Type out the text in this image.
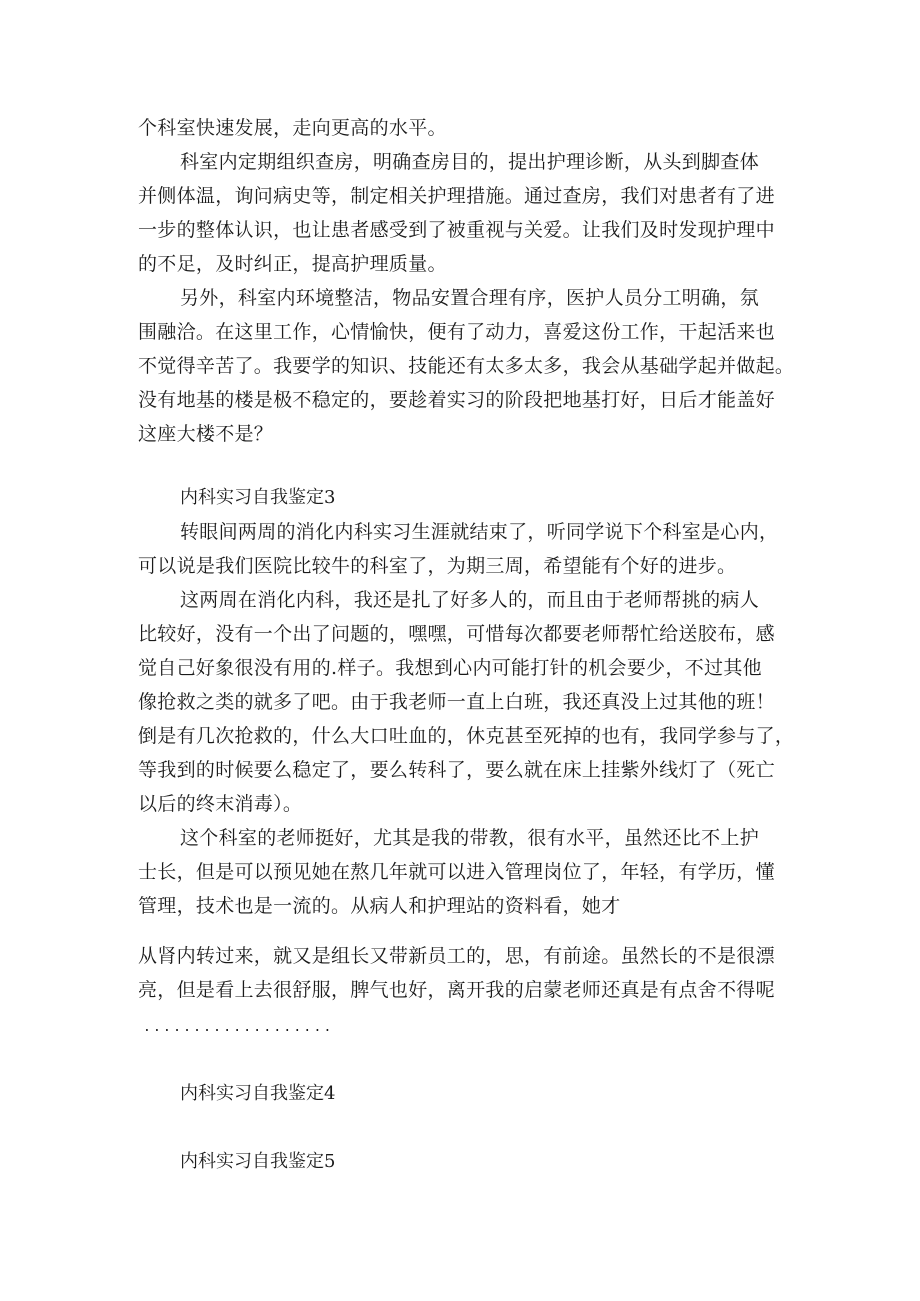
个科室快速发展，走向更高的水平。
科室内定期组织查房，明确查房目的，提出护理诊断，从头到脚查体
并侧体温，询问病史等，制定相关护理措施。通过查房，我们对患者有了进
一步的整体认识，也让患者感受到了被重视与关爱。让我们及时发现护理中
的不足，及时纠正，提高护理质量。
另外，科室内环境整洁，物品安置合理有序，医护人员分工明确，氛
围融洽。在这里工作，心情愉快，便有了动力，喜爱这份工作，干起活来也
不觉得辛苦了。我要学的知识、技能还有太多太多，我会从基础学起并做起。
没有地基的楼是极不稳定的，要趁着实习的阶段把地基打好，日后才能盖好
这座大楼不是？
内科实习自我鉴定3
转眼间两周的消化内科实习生涯就结束了，听同学说下个科室是心内，
可以说是我们医院比较牛的科室了，为期三周，希望能有个好的进步。
这两周在消化内科，我还是扎了好多人的，而且由于老师帮挑的病人
比较好，没有一个出了问题的，嘿嘿，可惜每次都要老师帮忙给送胶布，感
觉自己好象很没有用的.样子。我想到心内可能打针的机会要少，不过其他
像抢救之类的就多了吧。由于我老师一直上白班，我还真没上过其他的班！
倒是有几次抢救的，什么大口吐血的，休克甚至死掉的也有，我同学参与了，
等我到的时候要么稳定了，要么转科了，要么就在床上挂紫外线灯了（死亡
以后的终末消毒）。
这个科室的老师挺好，尤其是我的带教，很有水平，虽然还比不上护
士长，但是可以预见她在熬几年就可以进入管理岗位了，年轻，有学历，懂
管理，技术也是一流的。从病人和护理站的资料看，她才
从肾内转过来，就又是组长又带新员工的，思，有前途。虽然长的不是很漂
亮，但是看上去很舒服，脾气也好，离开我的启蒙老师还真是有点舍不得呢
...................
内科实习自我鉴定4
内科实习自我鉴定5
